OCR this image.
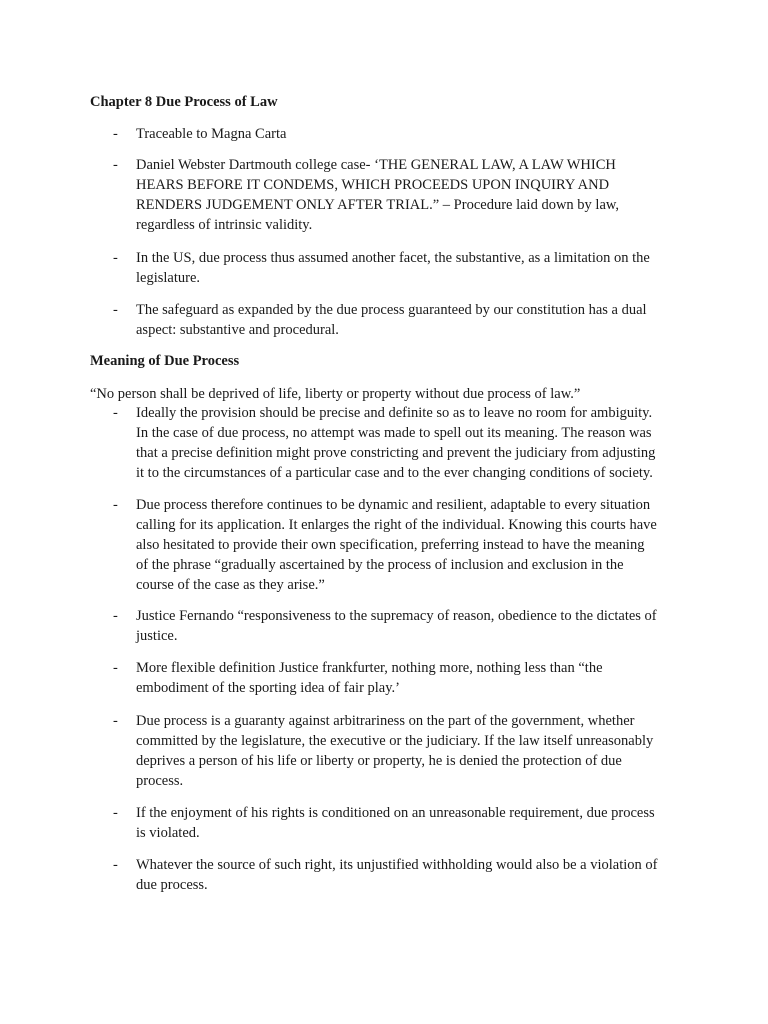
Chapter 8 Due Process of Law
- Traceable to Magna Carta
- Daniel Webster Dartmouth college case- ‘THE GENERAL LAW, A LAW WHICH
HEARS BEFORE IT CONDEMS, WHICH PROCEEDS UPON INQUIRY AND
RENDERS JUDGEMENT ONLY AFTER TRIAL.” – Procedure laid down by law,
regardless of intrinsic validity.
- In the US, due process thus assumed another facet, the substantive, as a limitation on the
legislature.
- The safeguard as expanded by the due process guaranteed by our constitution has a dual
aspect: substantive and procedural.
Meaning of Due Process
“No person shall be deprived of life, liberty or property without due process of law.”
- Ideally the provision should be precise and definite so as to leave no room for ambiguity.
In the case of due process, no attempt was made to spell out its meaning. The reason was
that a precise definition might prove constricting and prevent the judiciary from adjusting
it to the circumstances of a particular case and to the ever changing conditions of society.
- Due process therefore continues to be dynamic and resilient, adaptable to every situation
calling for its application. It enlarges the right of the individual. Knowing this courts have
also hesitated to provide their own specification, preferring instead to have the meaning
of the phrase “gradually ascertained by the process of inclusion and exclusion in the
course of the case as they arise.”
- Justice Fernando “responsiveness to the supremacy of reason, obedience to the dictates of
justice.
- More flexible definition Justice frankfurter, nothing more, nothing less than “the
embodiment of the sporting idea of fair play.’
- Due process is a guaranty against arbitrariness on the part of the government, whether
committed by the legislature, the executive or the judiciary. If the law itself unreasonably
deprives a person of his life or liberty or property, he is denied the protection of due
process.
- If the enjoyment of his rights is conditioned on an unreasonable requirement, due process
is violated.
- Whatever the source of such right, its unjustified withholding would also be a violation of
due process.
